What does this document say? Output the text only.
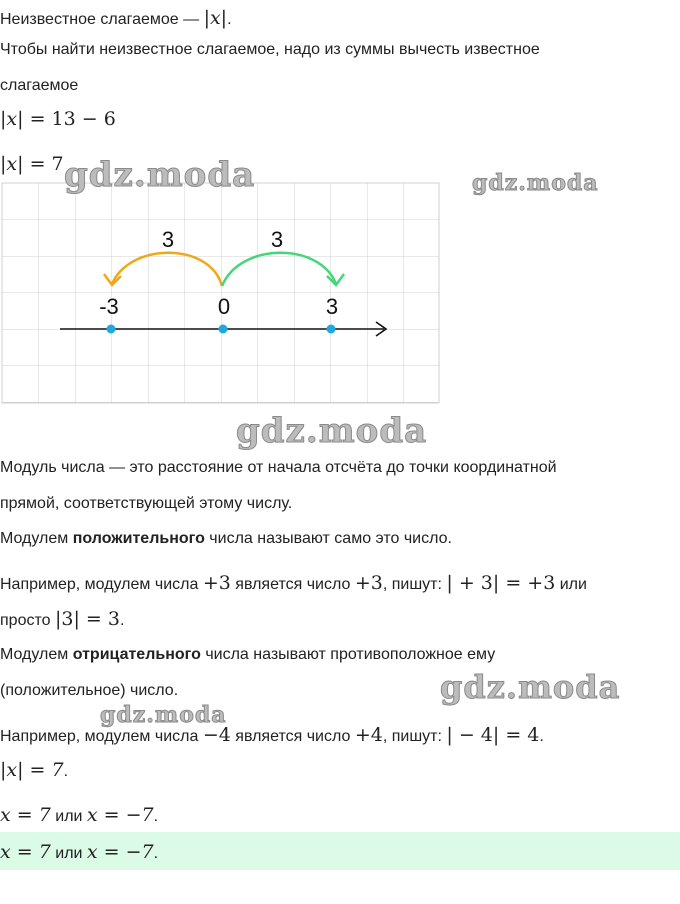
Неизвестное слагаемое — |x|.
Чтобы найти неизвестное слагаемое, надо из суммы вычесть известное
слагаемое
|x| = 13 − 6
|x| = 7
3	3
-3	0	3
Модуль числа — это расстояние от начала отсчёта до точки координатной
прямой, соответствующей этому числу.
Модулем положительного числа называют само это число.
Например, модулем числа +3 является число +3, пишут: | + 3| = +3 или
просто |3| = 3.
Модулем отрицательного числа называют противоположное ему
(положительное) число.
Например, модулем числа −4 является число +4, пишут: | − 4| = 4.
|x| = 7.
x = 7 или x = −7.
x = 7 или x = −7.
gdz.moda	gdz.moda
gdz.moda
gdz.moda
gdz.moda
